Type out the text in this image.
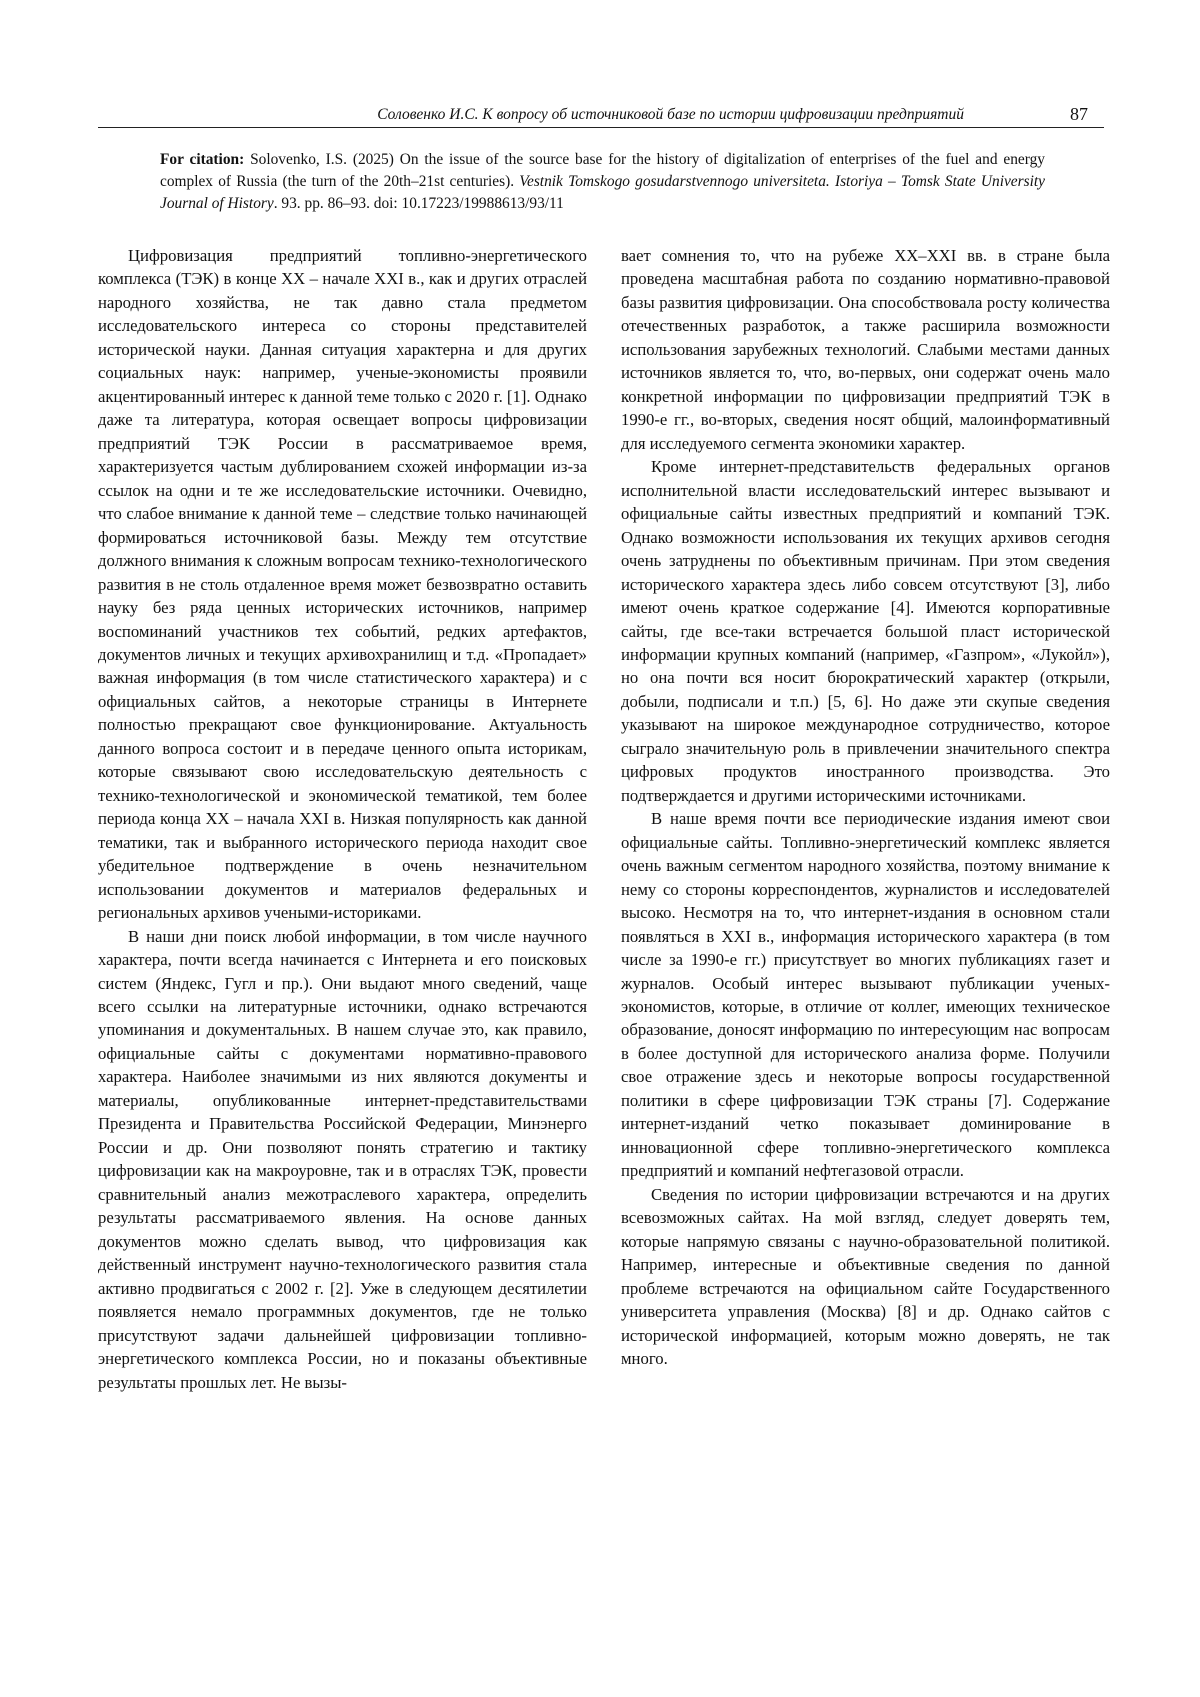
Соловенко И.С. К вопросу об источниковой базе по истории цифровизации предприятий	87
For citation: Solovenko, I.S. (2025) On the issue of the source base for the history of digitalization of enterprises of the fuel and energy complex of Russia (the turn of the 20th–21st centuries). Vestnik Tomskogo gosudarstvennogo universiteta. Istoriya – Tomsk State University Journal of History. 93. pp. 86–93. doi: 10.17223/19988613/93/11

Цифровизация предприятий топливно-энергетического комплекса (ТЭК) в конце XX – начале XXI в., как и других отраслей народного хозяйства, не так давно стала предметом исследовательского интереса со стороны представителей исторической науки. Данная ситуация характерна и для других социальных наук: например, ученые-экономисты проявили акцентированный интерес к данной теме только с 2020 г. [1]. Однако даже та литература, которая освещает вопросы цифровизации предприятий ТЭК России в рассматриваемое время, характеризуется частым дублированием схожей информации из-за ссылок на одни и те же исследовательские источники. Очевидно, что слабое внимание к данной теме – следствие только начинающей формироваться источниковой базы. Между тем отсутствие должного внимания к сложным вопросам технико-технологического развития в не столь отдаленное время может безвозвратно оставить науку без ряда ценных исторических источников, например воспоминаний участников тех событий, редких артефактов, документов личных и текущих архивохранилищ и т.д. «Пропадает» важная информация (в том числе статистического характера) и с официальных сайтов, а некоторые страницы в Интернете полностью прекращают свое функционирование. Актуальность данного вопроса состоит и в передаче ценного опыта историкам, которые связывают свою исследовательскую деятельность с технико-технологической и экономической тематикой, тем более периода конца XX – начала XXI в. Низкая популярность как данной тематики, так и выбранного исторического периода находит свое убедительное подтверждение в очень незначительном использовании документов и материалов федеральных и региональных архивов учеными-историками.

В наши дни поиск любой информации, в том числе научного характера, почти всегда начинается с Интернета и его поисковых систем (Яндекс, Гугл и пр.). Они выдают много сведений, чаще всего ссылки на литературные источники, однако встречаются упоминания и документальных. В нашем случае это, как правило, официальные сайты с документами нормативно-правового характера. Наиболее значимыми из них являются документы и материалы, опубликованные интернет-представительствами Президента и Правительства Российской Федерации, Минэнерго России и др. Они позволяют понять стратегию и тактику цифровизации как на макроуровне, так и в отраслях ТЭК, провести сравнительный анализ межотраслевого характера, определить результаты рассматриваемого явления. На основе данных документов можно сделать вывод, что цифровизация как действенный инструмент научно-технологического развития стала активно продвигаться с 2002 г. [2]. Уже в следующем десятилетии появляется немало программных документов, где не только присутствуют задачи дальнейшей цифровизации топливно-энергетического комплекса России, но и показаны объективные результаты прошлых лет. Не вызы-

вает сомнения то, что на рубеже XX–XXI вв. в стране была проведена масштабная работа по созданию нормативно-правовой базы развития цифровизации. Она способствовала росту количества отечественных разработок, а также расширила возможности использования зарубежных технологий. Слабыми местами данных источников является то, что, во-первых, они содержат очень мало конкретной информации по цифровизации предприятий ТЭК в 1990-е гг., во-вторых, сведения носят общий, малоинформативный для исследуемого сегмента экономики характер.

Кроме интернет-представительств федеральных органов исполнительной власти исследовательский интерес вызывают и официальные сайты известных предприятий и компаний ТЭК. Однако возможности использования их текущих архивов сегодня очень затруднены по объективным причинам. При этом сведения исторического характера здесь либо совсем отсутствуют [3], либо имеют очень краткое содержание [4]. Имеются корпоративные сайты, где все-таки встречается большой пласт исторической информации крупных компаний (например, «Газпром», «Лукойл»), но она почти вся носит бюрократический характер (открыли, добыли, подписали и т.п.) [5, 6]. Но даже эти скупые сведения указывают на широкое международное сотрудничество, которое сыграло значительную роль в привлечении значительного спектра цифровых продуктов иностранного производства. Это подтверждается и другими историческими источниками.

В наше время почти все периодические издания имеют свои официальные сайты. Топливно-энергетический комплекс является очень важным сегментом народного хозяйства, поэтому внимание к нему со стороны корреспондентов, журналистов и исследователей высоко. Несмотря на то, что интернет-издания в основном стали появляться в XXI в., информация исторического характера (в том числе за 1990-е гг.) присутствует во многих публикациях газет и журналов. Особый интерес вызывают публикации ученых-экономистов, которые, в отличие от коллег, имеющих техническое образование, доносят информацию по интересующим нас вопросам в более доступной для исторического анализа форме. Получили свое отражение здесь и некоторые вопросы государственной политики в сфере цифровизации ТЭК страны [7]. Содержание интернет-изданий четко показывает доминирование в инновационной сфере топливно-энергетического комплекса предприятий и компаний нефтегазовой отрасли.

Сведения по истории цифровизации встречаются и на других всевозможных сайтах. На мой взгляд, следует доверять тем, которые напрямую связаны с научно-образовательной политикой. Например, интересные и объективные сведения по данной проблеме встречаются на официальном сайте Государственного университета управления (Москва) [8] и др. Однако сайтов с исторической информацией, которым можно доверять, не так много.
